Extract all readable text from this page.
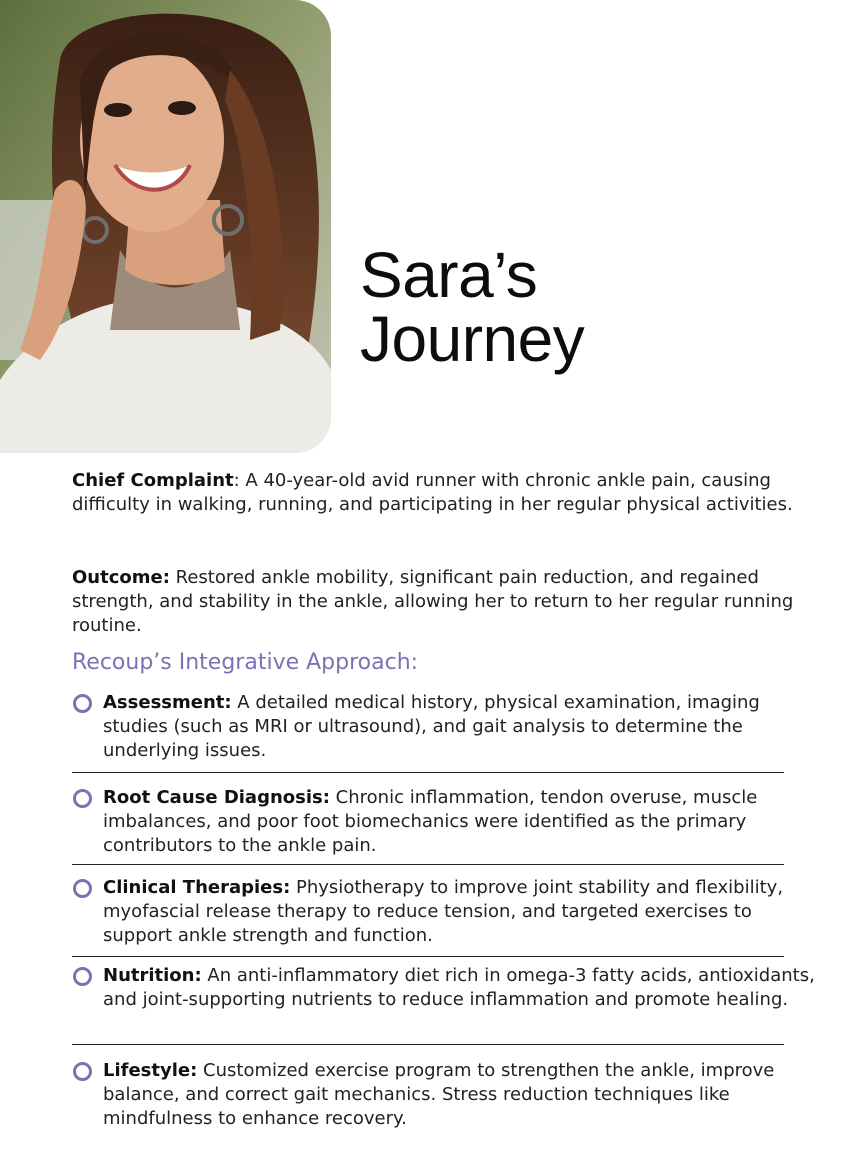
Sara’s
Journey
Chief Complaint: A 40-year-old avid runner with chronic ankle pain, causing difficulty in walking, running, and participating in her regular physical activities.
Outcome: Restored ankle mobility, significant pain reduction, and regained strength, and stability in the ankle, allowing her to return to her regular running routine.
Recoup’s Integrative Approach:
Assessment: A detailed medical history, physical examination, imaging studies (such as MRI or ultrasound), and gait analysis to determine the underlying issues.
Root Cause Diagnosis: Chronic inflammation, tendon overuse, muscle imbalances, and poor foot biomechanics were identified as the primary contributors to the ankle pain.
Clinical Therapies: Physiotherapy to improve joint stability and flexibility, myofascial release therapy to reduce tension, and targeted exercises to support ankle strength and function.
Nutrition: An anti-inflammatory diet rich in omega-3 fatty acids, antioxidants, and joint-supporting nutrients to reduce inflammation and promote healing.
Lifestyle: Customized exercise program to strengthen the ankle, improve balance, and correct gait mechanics. Stress reduction techniques like mindfulness to enhance recovery.
